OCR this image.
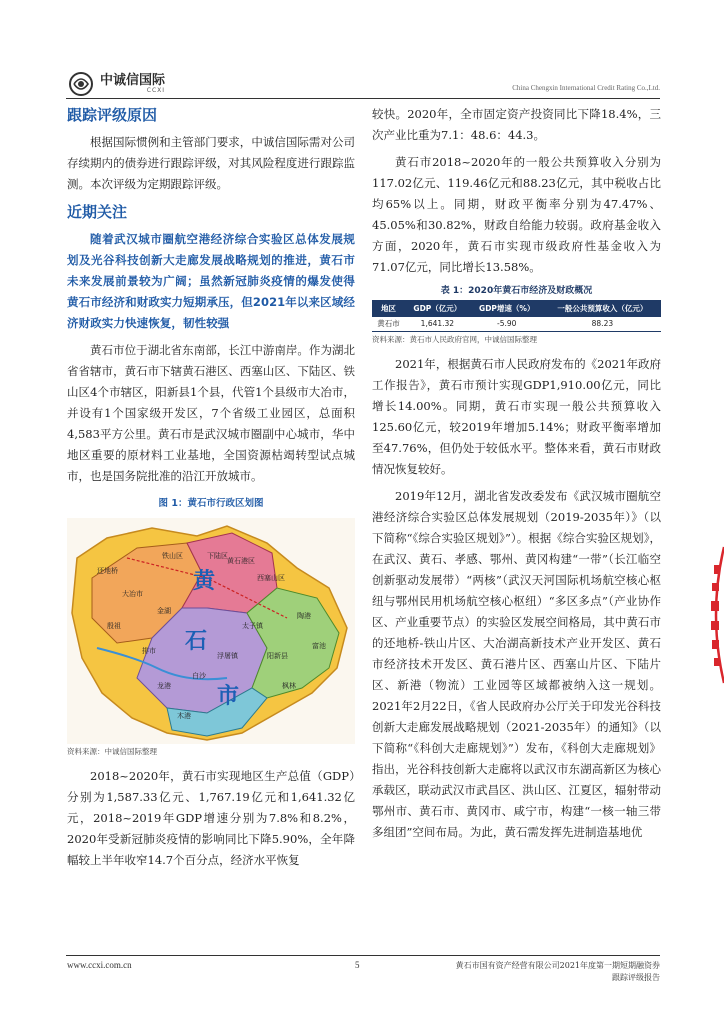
中诚信国际
CCXI	China Chengxin International Credit Rating Co.,Ltd.
跟踪评级原因

根据国际惯例和主管部门要求，中诚信国际需对公司存续期内的债券进行跟踪评级，对其风险程度进行跟踪监测。本次评级为定期跟踪评级。

近期关注

随着武汉城市圈航空港经济综合实验区总体发展规划及光谷科技创新大走廊发展战略规划的推进，黄石市未来发展前景较为广阔；虽然新冠肺炎疫情的爆发使得黄石市经济和财政实力短期承压，但2021年以来区域经济财政实力快速恢复，韧性较强

黄石市位于湖北省东南部，长江中游南岸。作为湖北省省辖市，黄石市下辖黄石港区、西塞山区、下陆区、铁山区4个市辖区，阳新县1个县，代管1个县级市大冶市，并设有1个国家级开发区，7个省级工业园区，总面积4,583平方公里。黄石市是武汉城市圈副中心城市，华中地区重要的原材料工业基地，全国资源枯竭转型试点城市，也是国务院批准的沿江开放城市。

图 1：黄石市行政区划图
黄
石
市
黄石港区
西塞山区
下陆区
铁山区
大冶市
阳新县
还地桥
殷祖
金湖
陶港
太子镇
浮屠镇
木港
龙港
白沙
富池
枫林
排市
资料来源：中诚信国际整理

2018~2020年，黄石市实现地区生产总值（GDP）分别为1,587.33亿元、1,767.19亿元和1,641.32亿元，2018~2019年GDP增速分别为7.8%和8.2%，2020年受新冠肺炎疫情的影响同比下降5.90%，全年降幅较上半年收窄14.7个百分点，经济水平恢复

较快。2020年，全市固定资产投资同比下降18.4%，三次产业比重为7.1：48.6：44.3。

黄石市2018~2020年的一般公共预算收入分别为117.02亿元、119.46亿元和88.23亿元，其中税收占比均65%以上。同期，财政平衡率分别为47.47%、45.05%和30.82%，财政自给能力较弱。政府基金收入方面，2020年，黄石市实现市级政府性基金收入为71.07亿元，同比增长13.58%。

表 1：2020年黄石市经济及财政概况
地区	GDP（亿元）	GDP增速（%）	一般公共预算收入（亿元）
黄石市	1,641.32	-5.90	88.23
资料来源：黄石市人民政府官网，中诚信国际整理

2021年，根据黄石市人民政府发布的《2021年政府工作报告》，黄石市预计实现GDP1,910.00亿元，同比增长14.00%。同期，黄石市实现一般公共预算收入125.60亿元，较2019年增加5.14%；财政平衡率增加至47.76%，但仍处于较低水平。整体来看，黄石市财政情况恢复较好。

2019年12月，湖北省发改委发布《武汉城市圈航空港经济综合实验区总体发展规划（2019-2035年）》（以下简称“《综合实验区规划》”）。根据《综合实验区规划》，在武汉、黄石、孝感、鄂州、黄冈构建“一带”（长江临空创新驱动发展带）“两核”（武汉天河国际机场航空核心枢纽与鄂州民用机场航空核心枢纽）“多区多点”（产业协作区、产业重要节点）的实验区发展空间格局，其中黄石市的还地桥-铁山片区、大冶湖高新技术产业开发区、黄石市经济技术开发区、黄石港片区、西塞山片区、下陆片区、新港（物流）工业园等区域都被纳入这一规划。2021年2月22日，《省人民政府办公厅关于印发光谷科技创新大走廊发展战略规划（2021-2035年）的通知》（以下简称“《科创大走廊规划》”）发布，《科创大走廊规划》指出，光谷科技创新大走廊将以武汉市东湖高新区为核心承载区，联动武汉市武昌区、洪山区、江夏区，辐射带动鄂州市、黄石市、黄冈市、咸宁市，构建“一核一轴三带多组团”空间布局。为此，黄石需发挥先进制造基地优

www.ccxi.com.cn	5	黄石市国有资产经营有限公司2021年度第一期短期融资券
跟踪评级报告
